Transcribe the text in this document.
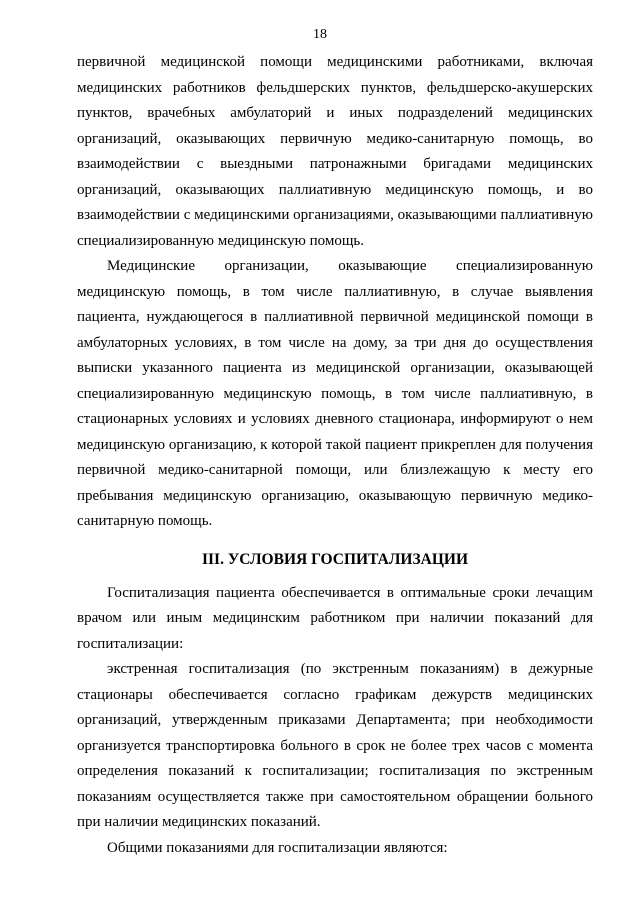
18

первичной медицинской помощи медицинскими работниками, включая медицинских работников фельдшерских пунктов, фельдшерско-акушерских пунктов, врачебных амбулаторий и иных подразделений медицинских организаций, оказывающих первичную медико-санитарную помощь, во взаимодействии с выездными патронажными бригадами медицинских организаций, оказывающих паллиативную медицинскую помощь, и во взаимодействии с медицинскими организациями, оказывающими паллиативную специализированную медицинскую помощь.

Медицинские организации, оказывающие специализированную медицинскую помощь, в том числе паллиативную, в случае выявления пациента, нуждающегося в паллиативной первичной медицинской помощи в амбулаторных условиях, в том числе на дому, за три дня до осуществления выписки указанного пациента из медицинской организации, оказывающей специализированную медицинскую помощь, в том числе паллиативную, в стационарных условиях и условиях дневного стационара, информируют о нем медицинскую организацию, к которой такой пациент прикреплен для получения первичной медико-санитарной помощи, или близлежащую к месту его пребывания медицинскую организацию, оказывающую первичную медико-санитарную помощь.

III. УСЛОВИЯ ГОСПИТАЛИЗАЦИИ

Госпитализация пациента обеспечивается в оптимальные сроки лечащим врачом или иным медицинским работником при наличии показаний для госпитализации:

экстренная госпитализация (по экстренным показаниям) в дежурные стационары обеспечивается согласно графикам дежурств медицинских организаций, утвержденным приказами Департамента; при необходимости организуется транспортировка больного в срок не более трех часов с момента определения показаний к госпитализации; госпитализация по экстренным показаниям осуществляется также при самостоятельном обращении больного при наличии медицинских показаний.

Общими показаниями для госпитализации являются:
